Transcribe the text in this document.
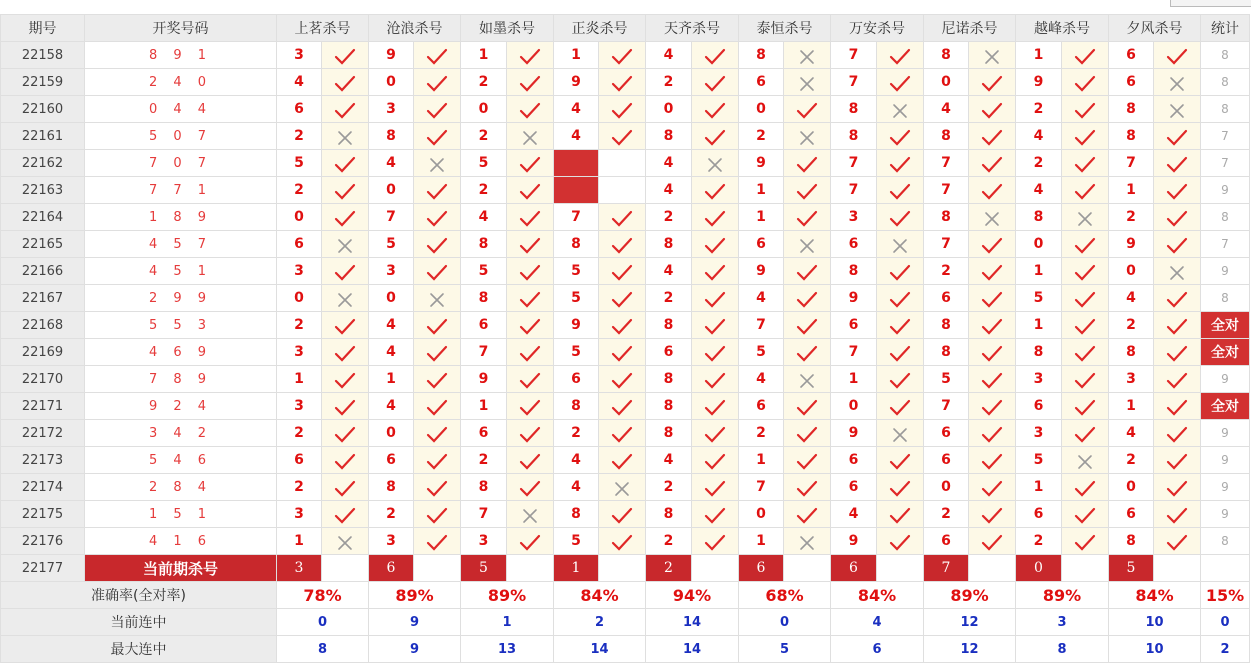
期号	开奖号码	上茗杀号		沧浪杀号		如墨杀号		正炎杀号		天齐杀号		泰恒杀号		万安杀号		尼诺杀号		越峰杀号		夕风杀号		统计
22158	8 9 1	3		9		1		1		4		8		7		8		1		6		8
22159	2 4 0	4		0		2		9		2		6		7		0		9		6		8
22160	0 4 4	6		3		0		4		0		0		8		4		2		8		8
22161	5 0 7	2		8		2		4		8		2		8		8		4		8		7
22162	7 0 7	5		4		5				4		9		7		7		2		7		7
22163	7 7 1	2		0		2				4		1		7		7		4		1		9
22164	1 8 9	0		7		4		7		2		1		3		8		8		2		8
22165	4 5 7	6		5		8		8		8		6		6		7		0		9		7
22166	4 5 1	3		3		5		5		4		9		8		2		1		0		9
22167	2 9 9	0		0		8		5		2		4		9		6		5		4		8
22168	5 5 3	2		4		6		9		8		7		6		8		1		2		全对
22169	4 6 9	3		4		7		5		6		5		7		8		8		8		全对
22170	7 8 9	1		1		9		6		8		4		1		5		3		3		9
22171	9 2 4	3		4		1		8		8		6		0		7		6		1		全对
22172	3 4 2	2		0		6		2		8		2		9		6		3		4		9
22173	5 4 6	6		6		2		4		4		1		6		6		5		2		9
22174	2 8 4	2		8		8		4		2		7		6		0		1		0		9
22175	1 5 1	3		2		7		8		8		0		4		2		6		6		9
22176	4 1 6	1		3		3		5		2		1		9		6		2		8		8
22177	当前期杀号	3		6		5		1		2		6		6		7		0		5		
准确率(全对率)		78%		89%		89%		84%		94%		68%		84%		89%		89%		84%		15%
当前连中		0		9		1		2		14		0		4		12		3		10		0
最大连中		8		9		13		14		14		5		6		12		8		10		2
